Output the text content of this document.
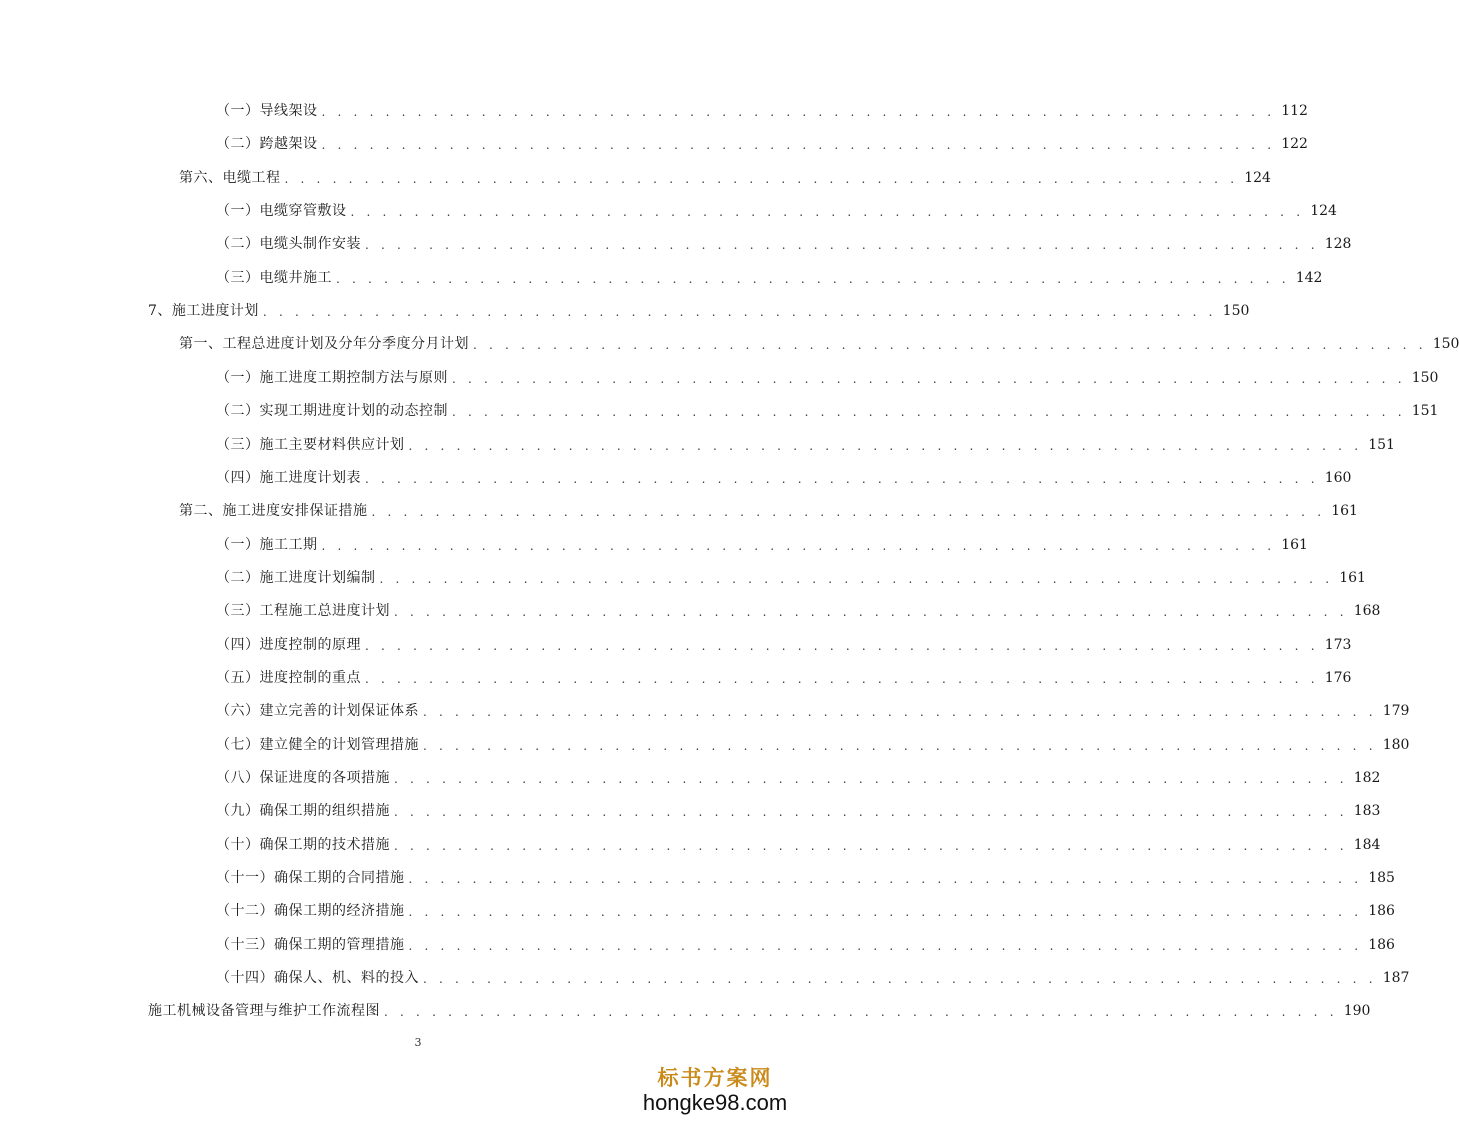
（一）导线架设 . . . . . . . . . . . . . . . . . . . . . . . . . . . . . . . . . . . . . . . . . . . . . . . . . . . . . . . . . . . . 112
（二）跨越架设 . . . . . . . . . . . . . . . . . . . . . . . . . . . . . . . . . . . . . . . . . . . . . . . . . . . . . . . . . . . . 122
第六、电缆工程 . . . . . . . . . . . . . . . . . . . . . . . . . . . . . . . . . . . . . . . . . . . . . . . . . . . . . . . . . . . . 124
（一）电缆穿管敷设 . . . . . . . . . . . . . . . . . . . . . . . . . . . . . . . . . . . . . . . . . . . . . . . . . . . . . . . . . . . . 124
（二）电缆头制作安装 . . . . . . . . . . . . . . . . . . . . . . . . . . . . . . . . . . . . . . . . . . . . . . . . . . . . . . . . . . . . 128
（三）电缆井施工 . . . . . . . . . . . . . . . . . . . . . . . . . . . . . . . . . . . . . . . . . . . . . . . . . . . . . . . . . . . . 142
7、施工进度计划 . . . . . . . . . . . . . . . . . . . . . . . . . . . . . . . . . . . . . . . . . . . . . . . . . . . . . . . . . . . . 150
第一、工程总进度计划及分年分季度分月计划 . . . . . . . . . . . . . . . . . . . . . . . . . . . . . . . . . . . . . . . . . . . . . . . . . . . . . . . . . . . . 150
（一）施工进度工期控制方法与原则 . . . . . . . . . . . . . . . . . . . . . . . . . . . . . . . . . . . . . . . . . . . . . . . . . . . . . . . . . . . . 150
（二）实现工期进度计划的动态控制 . . . . . . . . . . . . . . . . . . . . . . . . . . . . . . . . . . . . . . . . . . . . . . . . . . . . . . . . . . . . 151
（三）施工主要材料供应计划 . . . . . . . . . . . . . . . . . . . . . . . . . . . . . . . . . . . . . . . . . . . . . . . . . . . . . . . . . . . . 151
（四）施工进度计划表 . . . . . . . . . . . . . . . . . . . . . . . . . . . . . . . . . . . . . . . . . . . . . . . . . . . . . . . . . . . . 160
第二、施工进度安排保证措施 . . . . . . . . . . . . . . . . . . . . . . . . . . . . . . . . . . . . . . . . . . . . . . . . . . . . . . . . . . . . 161
（一）施工工期 . . . . . . . . . . . . . . . . . . . . . . . . . . . . . . . . . . . . . . . . . . . . . . . . . . . . . . . . . . . . 161
（二）施工进度计划编制 . . . . . . . . . . . . . . . . . . . . . . . . . . . . . . . . . . . . . . . . . . . . . . . . . . . . . . . . . . . . 161
（三）工程施工总进度计划 . . . . . . . . . . . . . . . . . . . . . . . . . . . . . . . . . . . . . . . . . . . . . . . . . . . . . . . . . . . . 168
（四）进度控制的原理 . . . . . . . . . . . . . . . . . . . . . . . . . . . . . . . . . . . . . . . . . . . . . . . . . . . . . . . . . . . . 173
（五）进度控制的重点 . . . . . . . . . . . . . . . . . . . . . . . . . . . . . . . . . . . . . . . . . . . . . . . . . . . . . . . . . . . . 176
（六）建立完善的计划保证体系 . . . . . . . . . . . . . . . . . . . . . . . . . . . . . . . . . . . . . . . . . . . . . . . . . . . . . . . . . . . . 179
（七）建立健全的计划管理措施 . . . . . . . . . . . . . . . . . . . . . . . . . . . . . . . . . . . . . . . . . . . . . . . . . . . . . . . . . . . . 180
（八）保证进度的各项措施 . . . . . . . . . . . . . . . . . . . . . . . . . . . . . . . . . . . . . . . . . . . . . . . . . . . . . . . . . . . . 182
（九）确保工期的组织措施 . . . . . . . . . . . . . . . . . . . . . . . . . . . . . . . . . . . . . . . . . . . . . . . . . . . . . . . . . . . . 183
（十）确保工期的技术措施 . . . . . . . . . . . . . . . . . . . . . . . . . . . . . . . . . . . . . . . . . . . . . . . . . . . . . . . . . . . . 184
（十一）确保工期的合同措施 . . . . . . . . . . . . . . . . . . . . . . . . . . . . . . . . . . . . . . . . . . . . . . . . . . . . . . . . . . . . 185
（十二）确保工期的经济措施 . . . . . . . . . . . . . . . . . . . . . . . . . . . . . . . . . . . . . . . . . . . . . . . . . . . . . . . . . . . . 186
（十三）确保工期的管理措施 . . . . . . . . . . . . . . . . . . . . . . . . . . . . . . . . . . . . . . . . . . . . . . . . . . . . . . . . . . . . 186
（十四）确保人、机、料的投入 . . . . . . . . . . . . . . . . . . . . . . . . . . . . . . . . . . . . . . . . . . . . . . . . . . . . . . . . . . . . 187
施工机械设备管理与维护工作流程图 . . . . . . . . . . . . . . . . . . . . . . . . . . . . . . . . . . . . . . . . . . . . . . . . . . . . . . . . . . . . 190
3
标书方案网
hongke98.com
